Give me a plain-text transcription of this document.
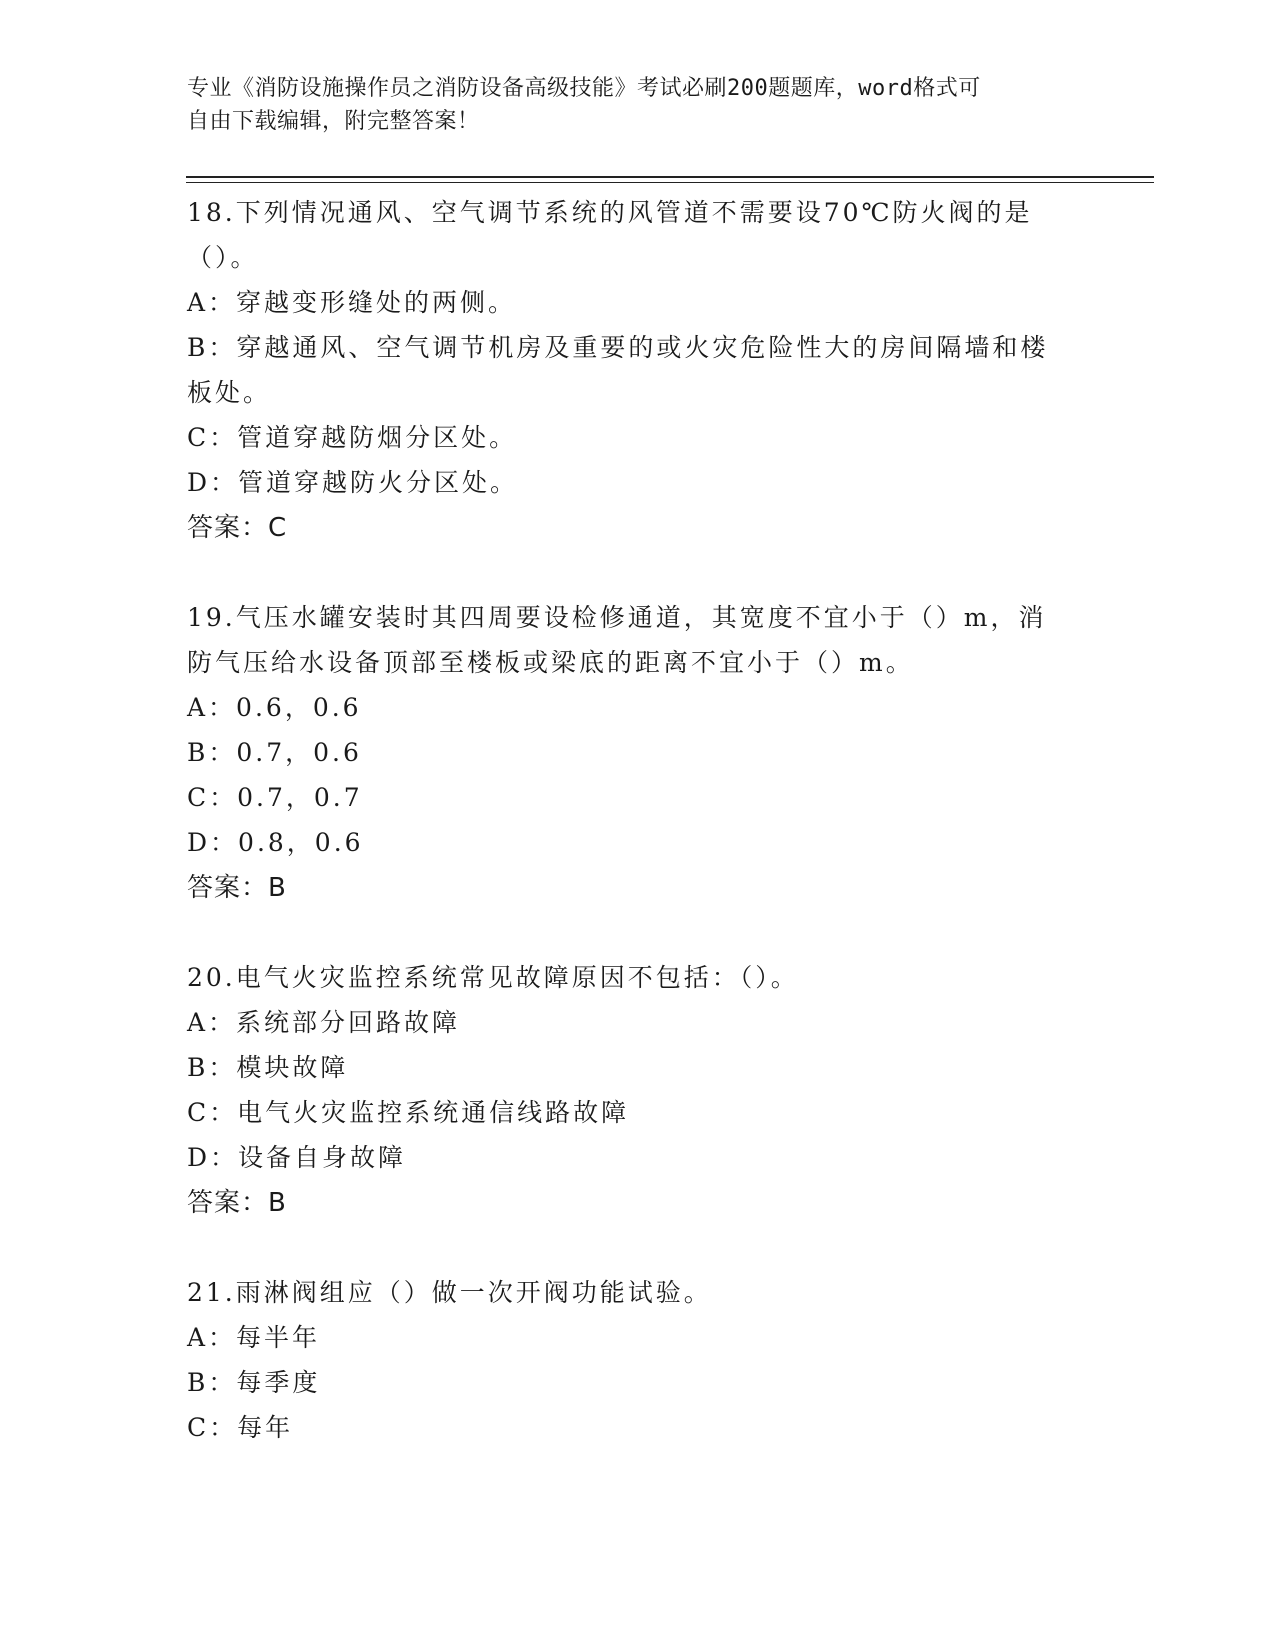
专业《消防设施操作员之消防设备高级技能》考试必刷200题题库，word格式可
自由下载编辑，附完整答案！

18.下列情况通风、空气调节系统的风管道不需要设70℃防火阀的是（）。

A：穿越变形缝处的两侧。

B：穿越通风、空气调节机房及重要的或火灾危险性大的房间隔墙和楼板处。

C：管道穿越防烟分区处。

D：管道穿越防火分区处。

答案：C

19.气压水罐安装时其四周要设检修通道，其宽度不宜小于（）m，消防气压给水设备顶部至楼板或梁底的距离不宜小于（）m。

A：0.6，0.6

B：0.7，0.6

C：0.7，0.7

D：0.8，0.6

答案：B

20.电气火灾监控系统常见故障原因不包括：（）。

A：系统部分回路故障

B：模块故障

C：电气火灾监控系统通信线路故障

D：设备自身故障

答案：B

21.雨淋阀组应（）做一次开阀功能试验。

A：每半年

B：每季度

C：每年
